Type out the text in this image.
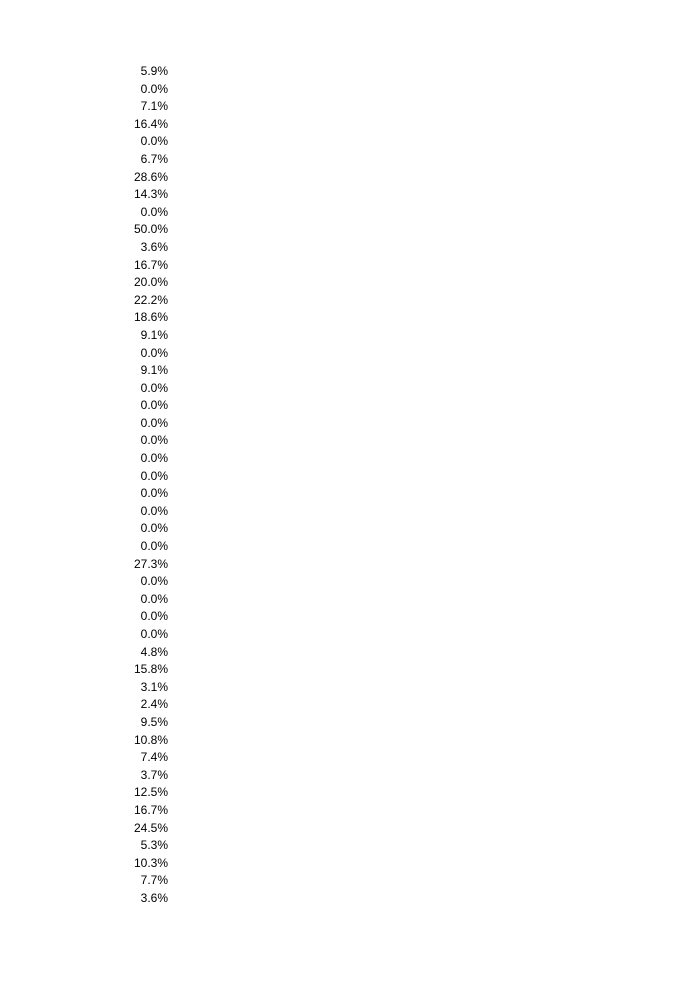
5.9%
0.0%
7.1%
16.4%
0.0%
6.7%
28.6%
14.3%
0.0%
50.0%
3.6%
16.7%
20.0%
22.2%
18.6%
9.1%
0.0%
9.1%
0.0%
0.0%
0.0%
0.0%
0.0%
0.0%
0.0%
0.0%
0.0%
0.0%
27.3%
0.0%
0.0%
0.0%
0.0%
4.8%
15.8%
3.1%
2.4%
9.5%
10.8%
7.4%
3.7%
12.5%
16.7%
24.5%
5.3%
10.3%
7.7%
3.6%
